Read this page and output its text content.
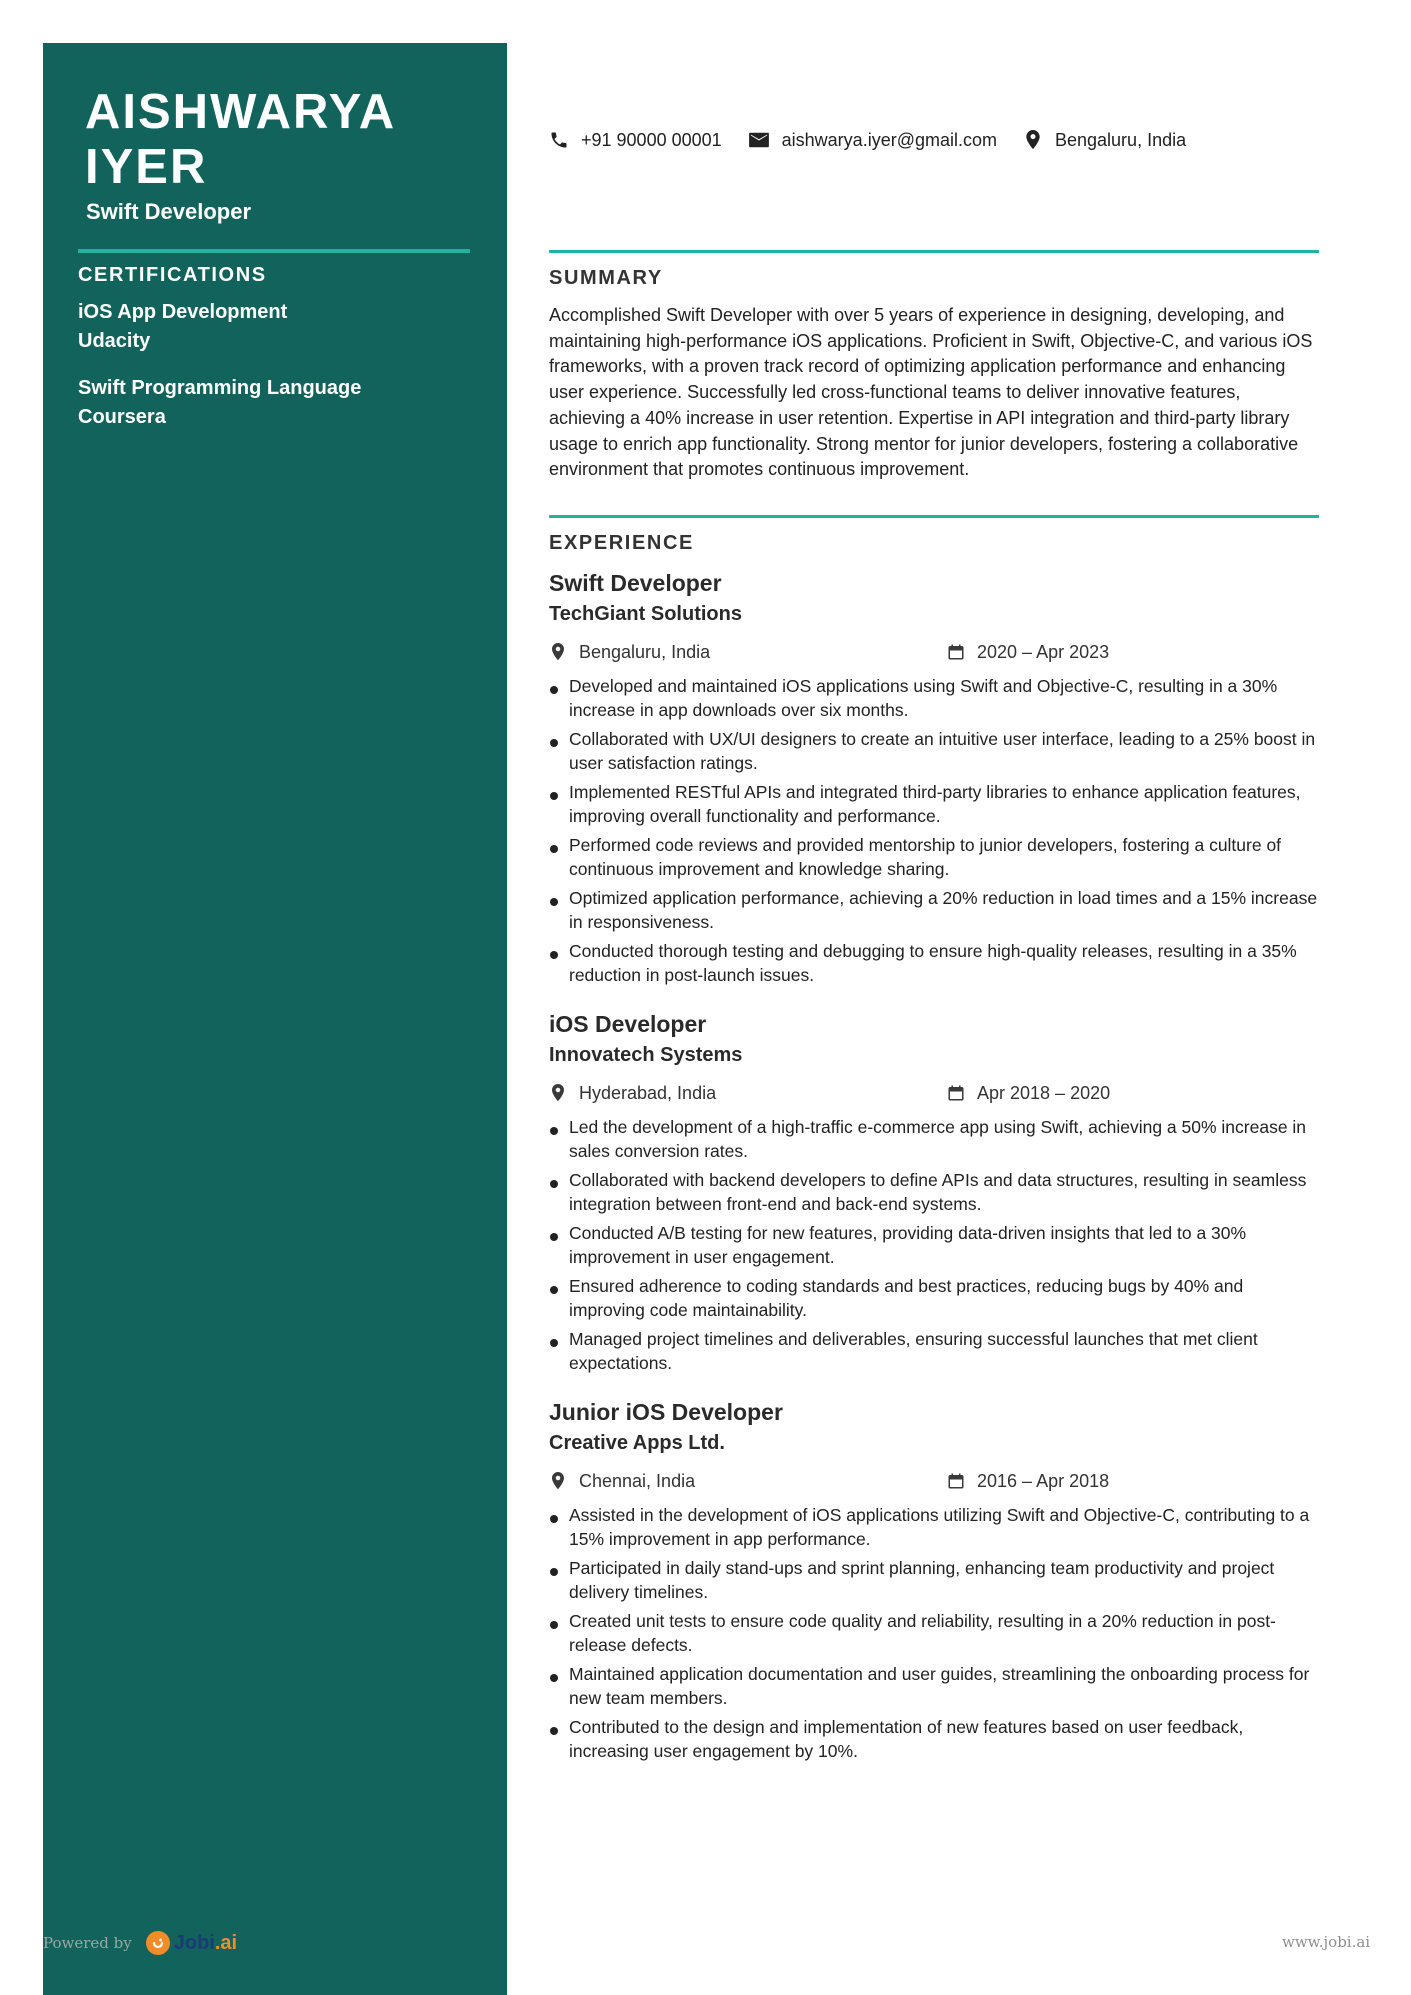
AISHWARYA
IYER
Swift Developer
CERTIFICATIONS
iOS App Development
Udacity
Swift Programming Language
Coursera
+91 90000 00001	aishwarya.iyer@gmail.com	Bengaluru, India
SUMMARY

Accomplished Swift Developer with over 5 years of experience in designing, developing, and maintaining high-performance iOS applications. Proficient in Swift, Objective-C, and various iOS frameworks, with a proven track record of optimizing application performance and enhancing user experience. Successfully led cross-functional teams to deliver innovative features, achieving a 40% increase in user retention. Expertise in API integration and third-party library usage to enrich app functionality. Strong mentor for junior developers, fostering a collaborative environment that promotes continuous improvement.

EXPERIENCE
Swift Developer
TechGiant Solutions
Bengaluru, India	2020 – Apr 2023
Developed and maintained iOS applications using Swift and Objective-C, resulting in a 30% increase in app downloads over six months.
Collaborated with UX/UI designers to create an intuitive user interface, leading to a 25% boost in user satisfaction ratings.
Implemented RESTful APIs and integrated third-party libraries to enhance application features, improving overall functionality and performance.
Performed code reviews and provided mentorship to junior developers, fostering a culture of continuous improvement and knowledge sharing.
Optimized application performance, achieving a 20% reduction in load times and a 15% increase in responsiveness.
Conducted thorough testing and debugging to ensure high-quality releases, resulting in a 35% reduction in post-launch issues.
iOS Developer
Innovatech Systems
Hyderabad, India	Apr 2018 – 2020
Led the development of a high-traffic e-commerce app using Swift, achieving a 50% increase in sales conversion rates.
Collaborated with backend developers to define APIs and data structures, resulting in seamless integration between front-end and back-end systems.
Conducted A/B testing for new features, providing data-driven insights that led to a 30% improvement in user engagement.
Ensured adherence to coding standards and best practices, reducing bugs by 40% and improving code maintainability.
Managed project timelines and deliverables, ensuring successful launches that met client expectations.
Junior iOS Developer
Creative Apps Ltd.
Chennai, India	2016 – Apr 2018
Assisted in the development of iOS applications utilizing Swift and Objective-C, contributing to a 15% improvement in app performance.
Participated in daily stand-ups and sprint planning, enhancing team productivity and project delivery timelines.
Created unit tests to ensure code quality and reliability, resulting in a 20% reduction in post-release defects.
Maintained application documentation and user guides, streamlining the onboarding process for new team members.
Contributed to the design and implementation of new features based on user feedback, increasing user engagement by 10%.
Powered by Jobi .ai	www.jobi.ai
